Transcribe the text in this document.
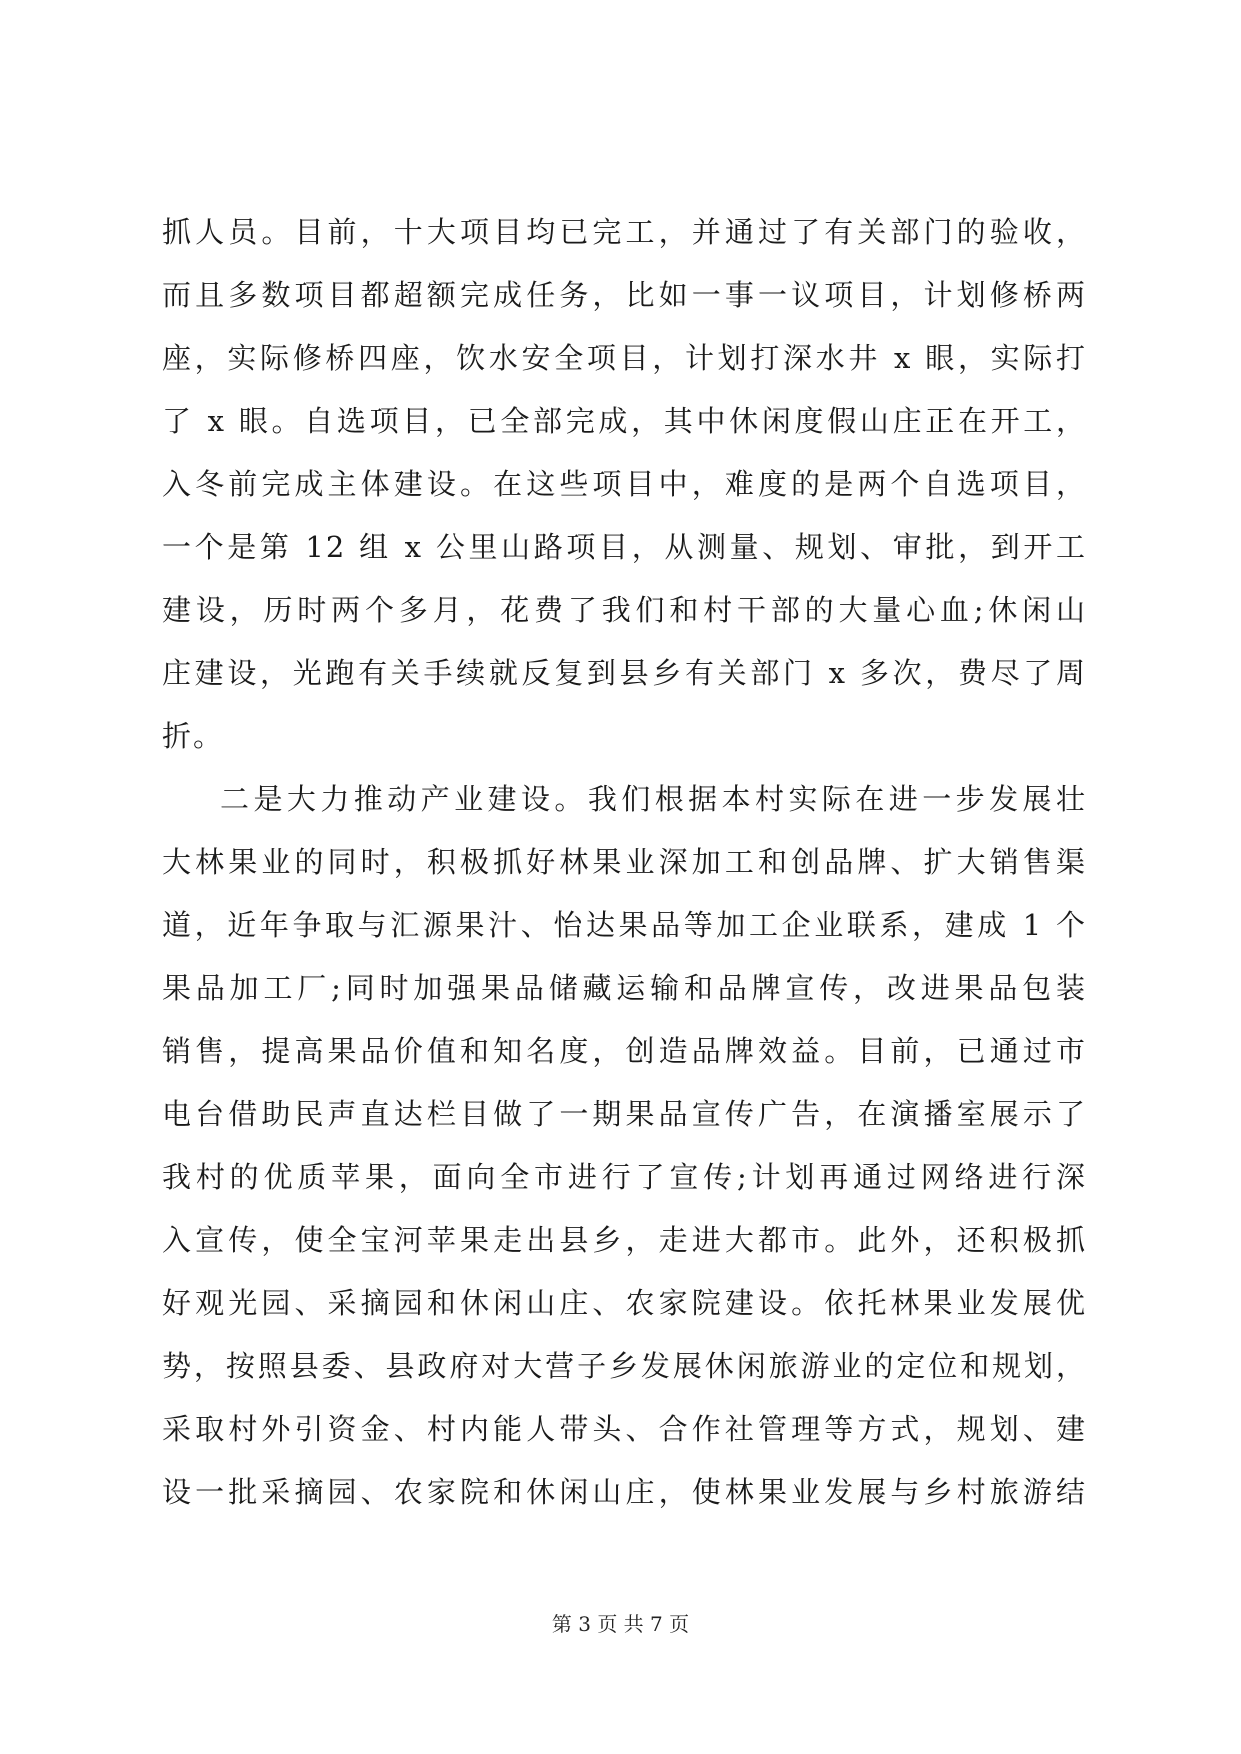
抓人员。目前，十大项目均已完工，并通过了有关部门的验收，
而且多数项目都超额完成任务，比如一事一议项目，计划修桥两
座，实际修桥四座，饮水安全项目，计划打深水井 x 眼，实际打
了 x 眼。自选项目，已全部完成，其中休闲度假山庄正在开工，
入冬前完成主体建设。在这些项目中，难度的是两个自选项目，
一个是第 12 组 x 公里山路项目，从测量、规划、审批，到开工
建设，历时两个多月，花费了我们和村干部的大量心血;休闲山
庄建设，光跑有关手续就反复到县乡有关部门 x 多次，费尽了周
折。
二是大力推动产业建设。我们根据本村实际在进一步发展壮
大林果业的同时，积极抓好林果业深加工和创品牌、扩大销售渠
道，近年争取与汇源果汁、怡达果品等加工企业联系，建成 1 个
果品加工厂;同时加强果品储藏运输和品牌宣传，改进果品包装
销售，提高果品价值和知名度，创造品牌效益。目前，已通过市
电台借助民声直达栏目做了一期果品宣传广告，在演播室展示了
我村的优质苹果，面向全市进行了宣传;计划再通过网络进行深
入宣传，使全宝河苹果走出县乡，走进大都市。此外，还积极抓
好观光园、采摘园和休闲山庄、农家院建设。依托林果业发展优
势，按照县委、县政府对大营子乡发展休闲旅游业的定位和规划，
采取村外引资金、村内能人带头、合作社管理等方式，规划、建
设一批采摘园、农家院和休闲山庄，使林果业发展与乡村旅游结
第 3 页 共 7 页
